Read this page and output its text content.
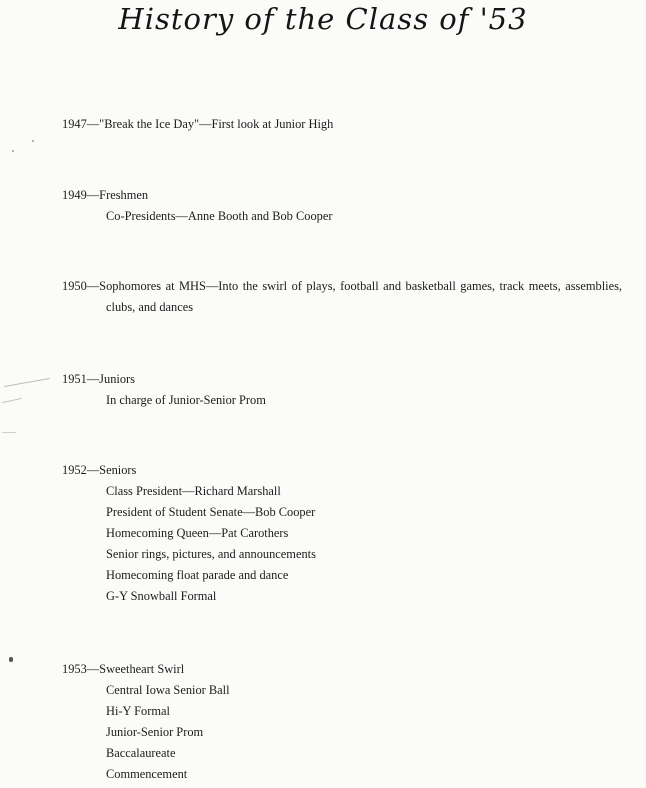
History of the Class of '53
1947—"Break the Ice Day"—First look at Junior High
1949—Freshmen
Co-Presidents—Anne Booth and Bob Cooper
1950—Sophomores at MHS—Into the swirl of plays, football and basketball games, track meets, assemblies, clubs, and dances
1951—Juniors
In charge of Junior-Senior Prom
1952—Seniors
Class President—Richard Marshall
President of Student Senate—Bob Cooper
Homecoming Queen—Pat Carothers
Senior rings, pictures, and announcements
Homecoming float parade and dance
G-Y Snowball Formal
1953—Sweetheart Swirl
Central Iowa Senior Ball
Hi-Y Formal
Junior-Senior Prom
Baccalaureate
Commencement
